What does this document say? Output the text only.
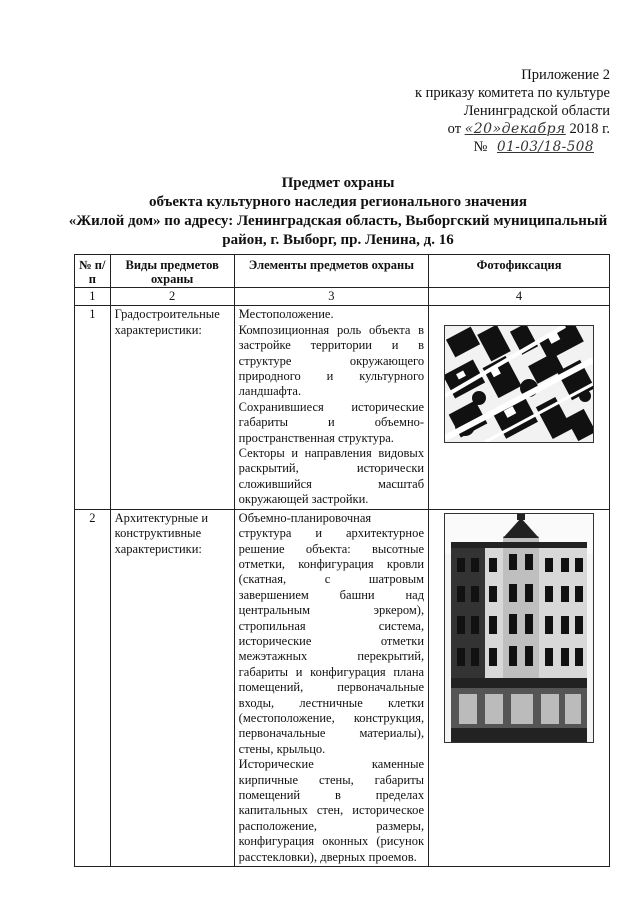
Приложение 2
к приказу комитета по культуре
Ленинградской области
от «20»декабря 2018 г.
№ 01-03/18-508
Предмет охраны
объекта культурного наследия регионального значения
«Жилой дом» по адресу: Ленинградская область, Выборгский муниципальный
район, г. Выборг, пр. Ленина, д. 16
№ п/п	Виды предметов охраны	Элементы предметов охраны	Фотофиксация
1	2	3	4
1	Градостроительные характеристики:	Местоположение.
Композиционная роль объекта в застройке территории и в структуре окружающего природного и культурного ландшафта.
Сохранившиеся исторические габариты и объемно-пространственная структура.
Секторы и направления видовых раскрытий, исторически сложившийся масштаб окружающей застройки.

2	Архитектурные и конструктивные характеристики:	Объемно-планировочная структура и архитектурное решение объекта: высотные отметки, конфигурация кровли (скатная, с шатровым завершением башни над центральным эркером), стропильная система, исторические отметки межэтажных перекрытий, габариты и конфигурация плана помещений, первоначальные входы, лестничные клетки (местоположение, конструкция, первоначальные материалы), стены, крыльцо.
Исторические каменные кирпичные стены, габариты помещений в пределах капитальных стен, историческое расположение, размеры, конфигурация оконных (рисунок расстекловки), дверных проемов.
